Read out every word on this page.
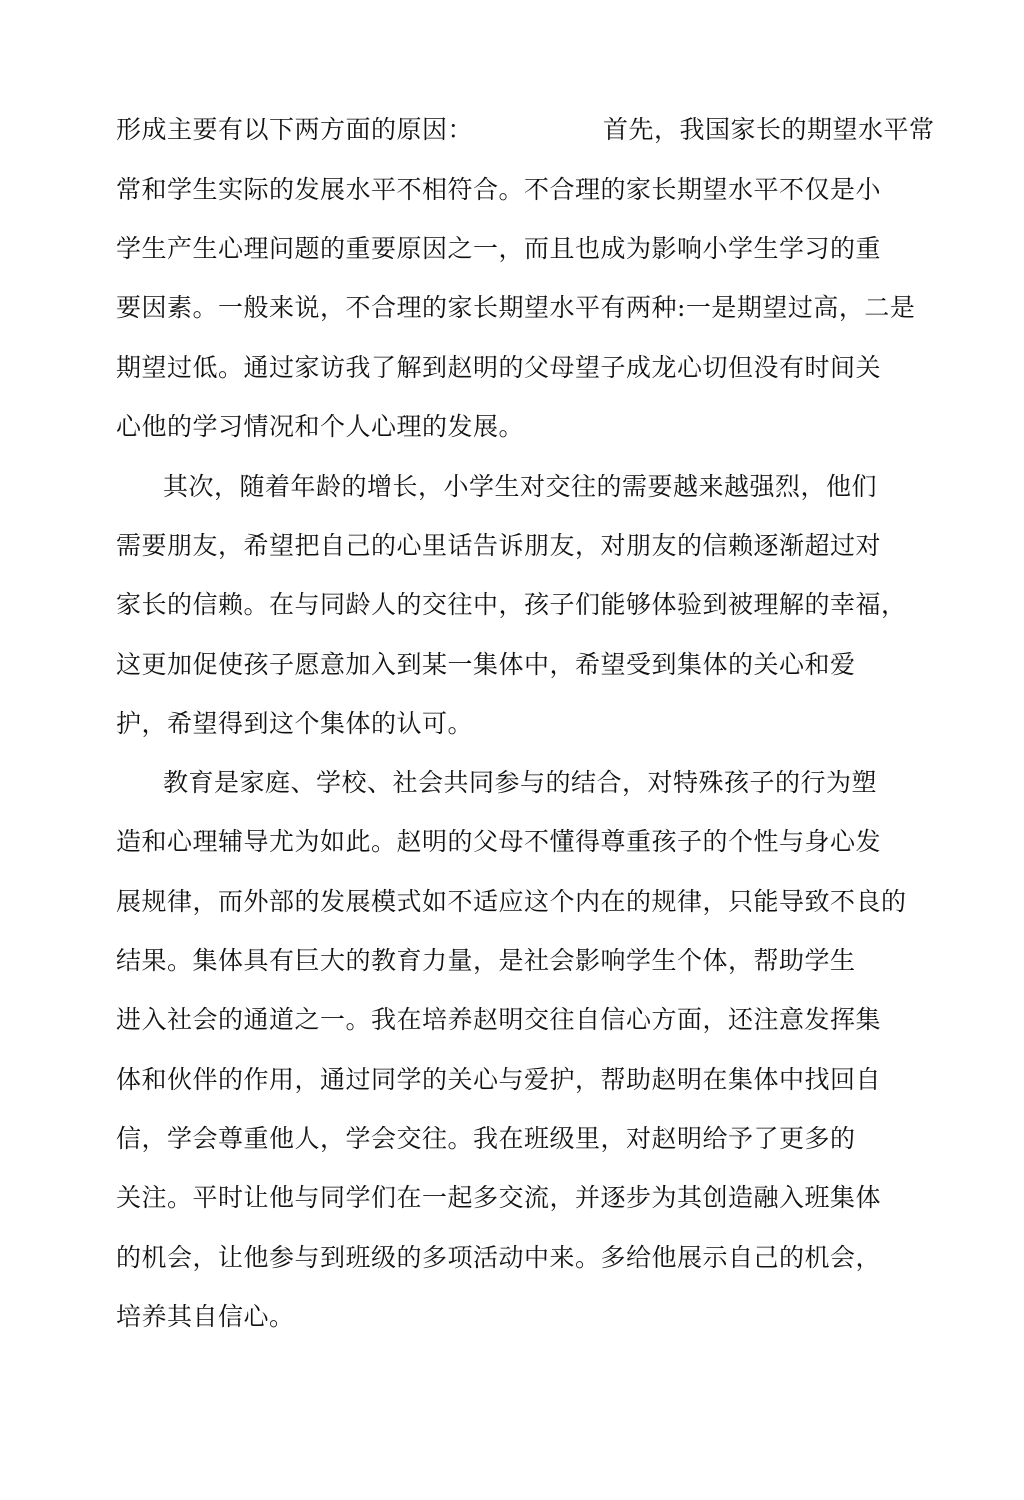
形成主要有以下两方面的原因：	首先，我国家长的期望水平常
常和学生实际的发展水平不相符合。不合理的家长期望水平不仅是小
学生产生心理问题的重要原因之一，而且也成为影响小学生学习的重
要因素。一般来说，不合理的家长期望水平有两种:一是期望过高，二是
期望过低。通过家访我了解到赵明的父母望子成龙心切但没有时间关
心他的学习情况和个人心理的发展。
其次，随着年龄的增长，小学生对交往的需要越来越强烈，他们
需要朋友，希望把自己的心里话告诉朋友，对朋友的信赖逐渐超过对
家长的信赖。在与同龄人的交往中，孩子们能够体验到被理解的幸福，
这更加促使孩子愿意加入到某一集体中，希望受到集体的关心和爱
护，希望得到这个集体的认可。
教育是家庭、学校、社会共同参与的结合，对特殊孩子的行为塑
造和心理辅导尤为如此。赵明的父母不懂得尊重孩子的个性与身心发
展规律，而外部的发展模式如不适应这个内在的规律，只能导致不良的
结果。集体具有巨大的教育力量，是社会影响学生个体，帮助学生
进入社会的通道之一。我在培养赵明交往自信心方面，还注意发挥集
体和伙伴的作用，通过同学的关心与爱护，帮助赵明在集体中找回自
信，学会尊重他人，学会交往。我在班级里，对赵明给予了更多的
关注。平时让他与同学们在一起多交流，并逐步为其创造融入班集体
的机会，让他参与到班级的多项活动中来。多给他展示自己的机会，
培养其自信心。
